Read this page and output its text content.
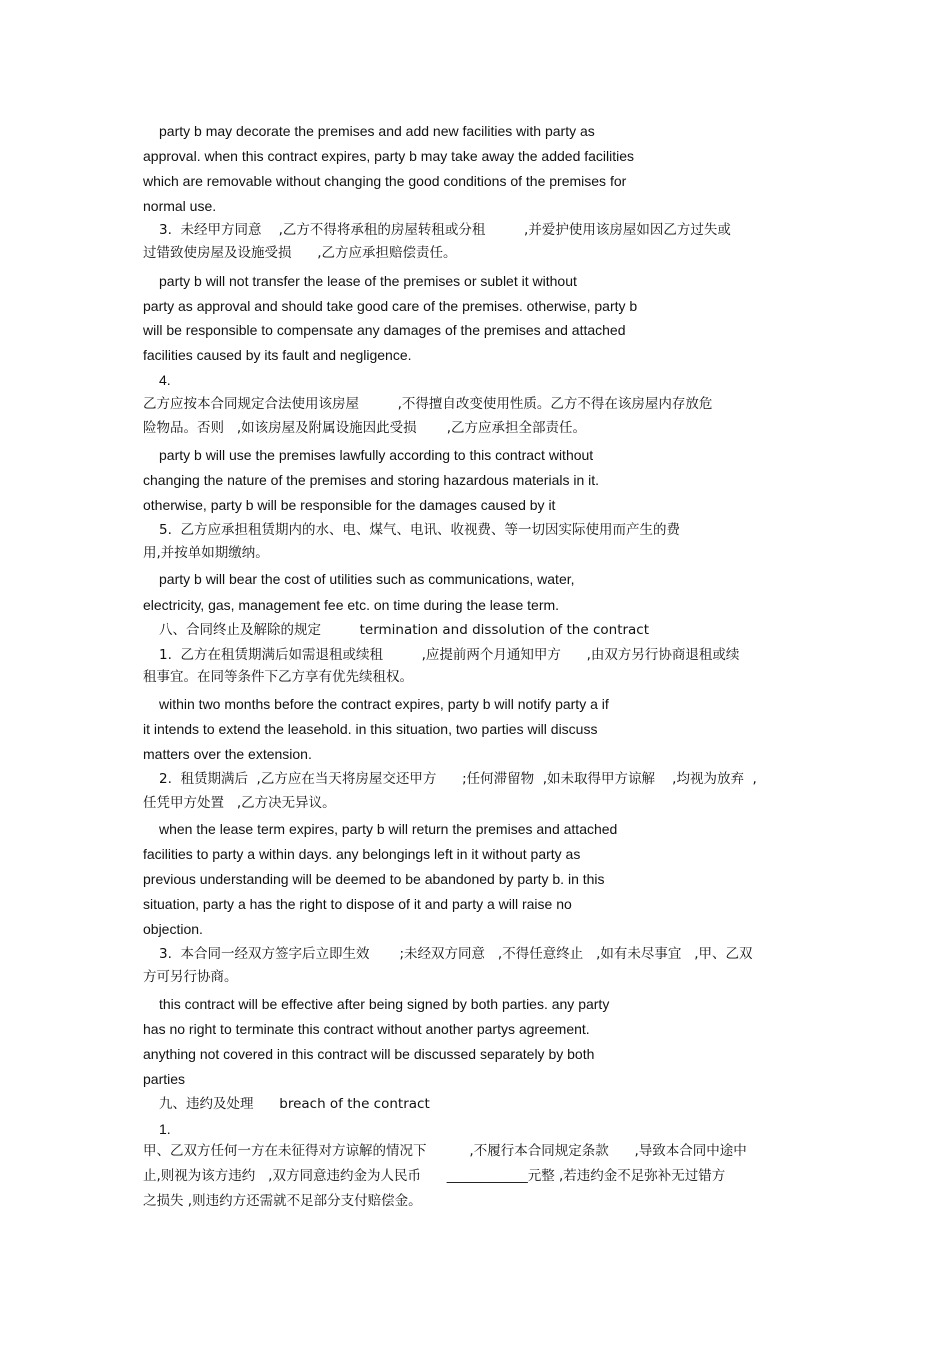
party b may decorate the premises and add new facilities with party as
approval. when this contract expires, party b may take away the added facilities
which are removable without changing the good conditions of the premises for
normal use.
3.  未经甲方同意    ,乙方不得将承租的房屋转租或分租         ,并爱护使用该房屋如因乙方过失或
过错致使房屋及设施受损      ,乙方应承担赔偿责任。
party b will not transfer the lease of the premises or sublet it without
party as approval and should take good care of the premises. otherwise, party b
will be responsible to compensate any damages of the premises and attached
facilities caused by its fault and negligence.
4.
乙方应按本合同规定合法使用该房屋         ,不得擅自改变使用性质。乙方不得在该房屋内存放危
险物品。否则   ,如该房屋及附属设施因此受损       ,乙方应承担全部责任。
party b will use the premises lawfully according to this contract without
changing the nature of the premises and storing hazardous materials in it.
otherwise, party b will be responsible for the damages caused by it
5.  乙方应承担租赁期内的水、电、煤气、电讯、收视费、等一切因实际使用而产生的费
用,并按单如期缴纳。
party b will bear the cost of utilities such as communications, water,
electricity, gas, management fee etc. on time during the lease term.
八、合同终止及解除的规定         termination and dissolution of the contract
1.  乙方在租赁期满后如需退租或续租         ,应提前两个月通知甲方      ,由双方另行协商退租或续
租事宜。在同等条件下乙方享有优先续租权。
within two months before the contract expires, party b will notify party a if
it intends to extend the leasehold. in this situation, two parties will discuss
matters over the extension.
2.  租赁期满后  ,乙方应在当天将房屋交还甲方      ;任何滞留物  ,如未取得甲方谅解    ,均视为放弃  ,
任凭甲方处置   ,乙方决无异议。
when the lease term expires, party b will return the premises and attached
facilities to party a within days. any belongings left in it without party as
previous understanding will be deemed to be abandoned by party b. in this
situation, party a has the right to dispose of it and party a will raise no
objection.
3.  本合同一经双方签字后立即生效       ;未经双方同意   ,不得任意终止   ,如有未尽事宜   ,甲、乙双
方可另行协商。
this contract will be effective after being signed by both parties. any party
has no right to terminate this contract without another partys agreement.
anything not covered in this contract will be discussed separately by both
parties
九、违约及处理      breach of the contract
1.
甲、乙双方任何一方在未征得对方谅解的情况下          ,不履行本合同规定条款      ,导致本合同中途中
止,则视为该方违约   ,双方同意违约金为人民币      ____________元整 ,若违约金不足弥补无过错方
之损失 ,则违约方还需就不足部分支付赔偿金。
